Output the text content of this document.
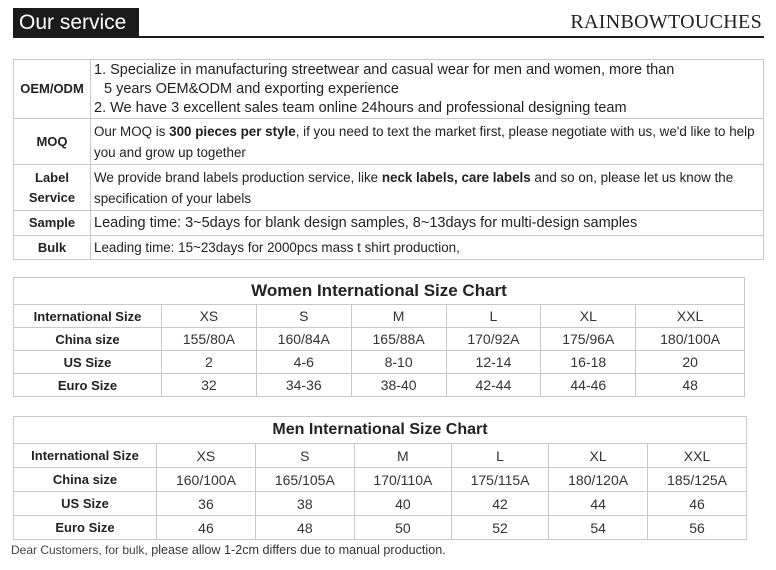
Our service	RAINBOWTOUCHES
OEM/ODM	1. Specialize in manufacturing streetwear and casual wear for men and women, more than
5 years OEM&ODM and exporting experience
2. We have 3 excellent sales team online 24hours and professional designing team

MOQ	Our MOQ is 300 pieces per style, if you need to text the market first, please negotiate with us, we'd like to help you and grow up together

Label
Service	We provide brand labels production service, like neck labels, care labels and so on, please let us know the specification of your labels
Sample	Leading time: 3~5days for blank design samples, 8~13days for multi-design samples
Bulk	Leading time: 15~23days for 2000pcs mass t shirt production,
Women International Size Chart						
International Size	XS	S	M	L	XL	XXL
China size	155/80A	160/84A	165/88A	170/92A	175/96A	180/100A
US Size	2	4-6	8-10	12-14	16-18	20
Euro Size	32	34-36	38-40	42-44	44-46	48
Men International Size Chart						
International Size	XS	S	M	L	XL	XXL
China size	160/100A	165/105A	170/110A	175/115A	180/120A	185/125A
US Size	36	38	40	42	44	46
Euro Size	46	48	50	52	54	56
Dear Customers, for bulk, please allow 1-2cm differs due to manual production.
